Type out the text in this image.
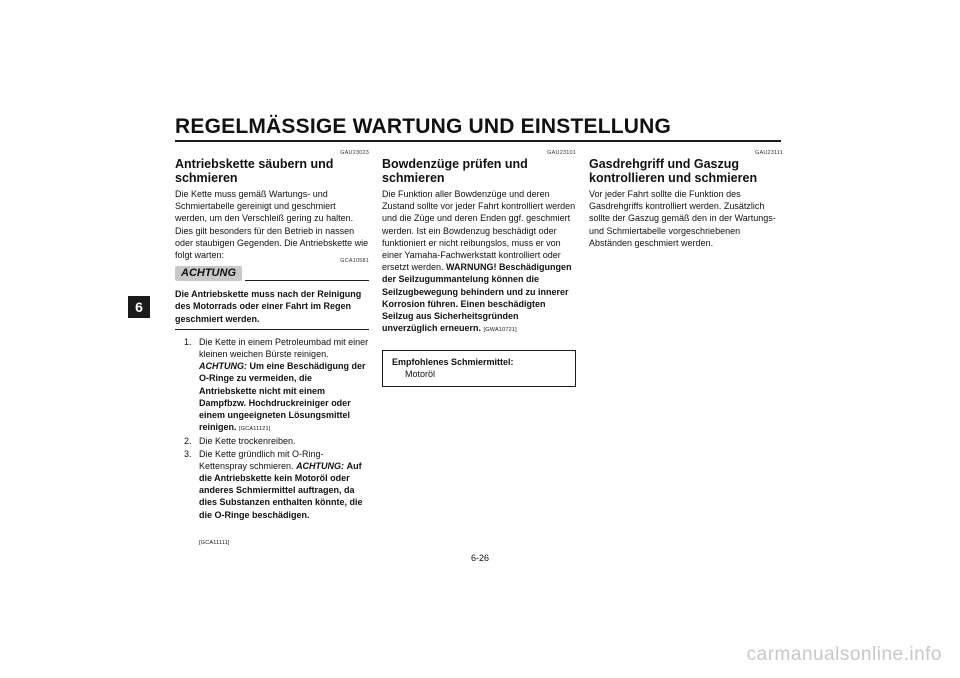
REGELMÄSSIGE WARTUNG UND EINSTELLUNG
6
GAU23023
Antriebskette säubern und schmieren

Die Kette muss gemäß Wartungs- und Schmiertabelle gereinigt und geschmiert werden, um den Verschleiß gering zu halten. Dies gilt besonders für den Betrieb in nassen oder staubigen Gegenden. Die Antriebskette wie folgt warten:

ACHTUNG
GCA10581
Die Antriebskette muss nach der Reinigung des Motorrads oder einer Fahrt im Regen geschmiert werden.
1. Die Kette in einem Petroleumbad mit einer kleinen weichen Bürste reinigen. ACHTUNG: Um eine Beschädigung der O-Ringe zu vermeiden, die Antriebskette nicht mit einem Dampfbzw. Hochdruckreiniger oder einem ungeeigneten Lösungsmittel reinigen. [GCA11121]
2. Die Kette trockenreiben.
3. Die Kette gründlich mit O-Ring-Kettenspray schmieren. ACHTUNG: Auf die Antriebskette kein Motoröl oder anderes Schmiermittel auftragen, da dies Substanzen enthalten könnte, die die O-Ringe beschädigen.
[GCA11111]
GAU23101
Bowdenzüge prüfen und schmieren

Die Funktion aller Bowdenzüge und deren Zustand sollte vor jeder Fahrt kontrolliert werden und die Züge und deren Enden ggf. geschmiert werden. Ist ein Bowdenzug beschädigt oder funktioniert er nicht reibungslos, muss er von einer Yamaha-Fachwerkstatt kontrolliert oder ersetzt werden. WARNUNG! Beschädigungen der Seilzugummantelung können die Seilzugbewegung behindern und zu innerer Korrosion führen. Einen beschädigten Seilzug aus Sicherheitsgründen unverzüglich erneuern. [GWA10721]

Empfohlenes Schmiermittel:
Motoröl
GAU23111
Gasdrehgriff und Gaszug kontrollieren und schmieren

Vor jeder Fahrt sollte die Funktion des Gasdrehgriffs kontrolliert werden. Zusätzlich sollte der Gaszug gemäß den in der Wartungs- und Schmiertabelle vorgeschriebenen Abständen geschmiert werden.

6-26
carmanualsonline.info
